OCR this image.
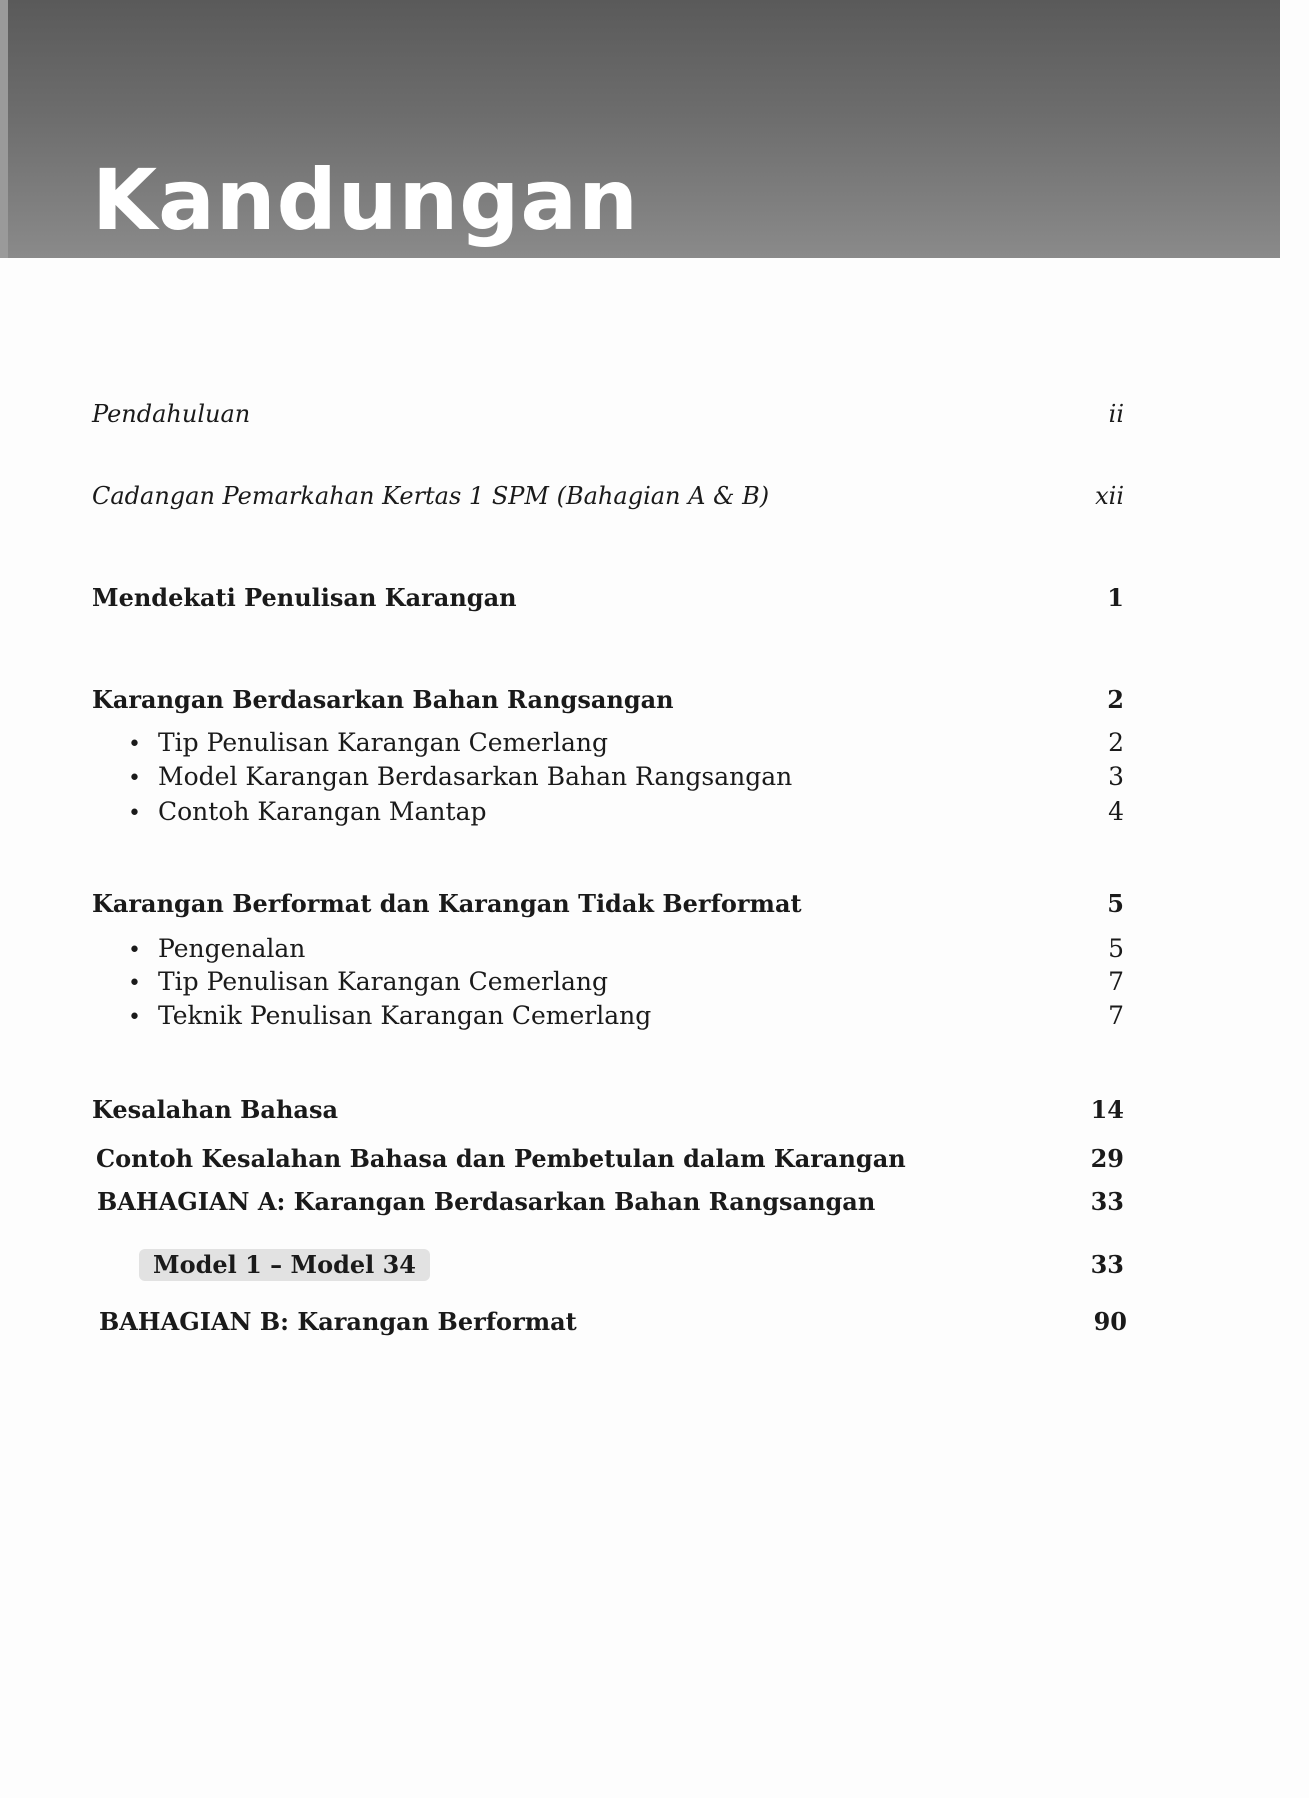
Kandungan
Pendahuluan	ii
Cadangan Pemarkahan Kertas 1 SPM (Bahagian A & B)	xii
Mendekati Penulisan Karangan	1
Karangan Berdasarkan Bahan Rangsangan	2
• Tip Penulisan Karangan Cemerlang	2
• Model Karangan Berdasarkan Bahan Rangsangan	3
• Contoh Karangan Mantap	4
Karangan Berformat dan Karangan Tidak Berformat	5
• Pengenalan	5
• Tip Penulisan Karangan Cemerlang	7
• Teknik Penulisan Karangan Cemerlang	7
Kesalahan Bahasa	14
Contoh Kesalahan Bahasa dan Pembetulan dalam Karangan	29
BAHAGIAN A: Karangan Berdasarkan Bahan Rangsangan	33
Model 1 – Model 34	33
BAHAGIAN B: Karangan Berformat	90
